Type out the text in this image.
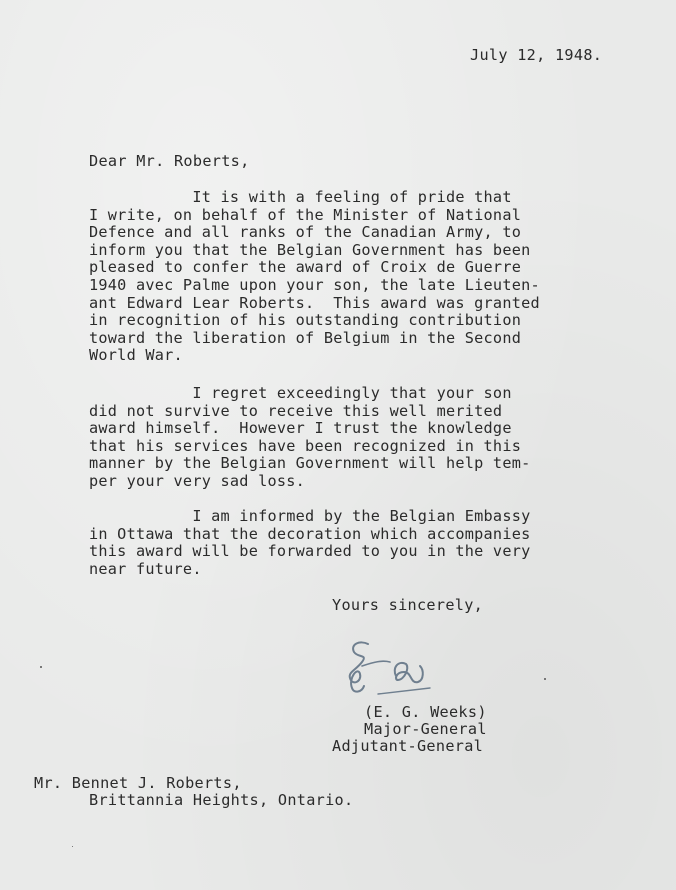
July 12, 1948.
Dear Mr. Roberts,
It is with a feeling of pride that
I write, on behalf of the Minister of National
Defence and all ranks of the Canadian Army, to
inform you that the Belgian Government has been
pleased to confer the award of Croix de Guerre
1940 avec Palme upon your son, the late Lieuten-
ant Edward Lear Roberts.  This award was granted
in recognition of his outstanding contribution
toward the liberation of Belgium in the Second
World War.
I regret exceedingly that your son
did not survive to receive this well merited
award himself.  However I trust the knowledge
that his services have been recognized in this
manner by the Belgian Government will help tem-
per your very sad loss.
I am informed by the Belgian Embassy
in Ottawa that the decoration which accompanies
this award will be forwarded to you in the very
near future.
Yours sincerely,
(E. G. Weeks)
Major-General
Adjutant-General
Mr. Bennet J. Roberts,
Brittannia Heights, Ontario.
